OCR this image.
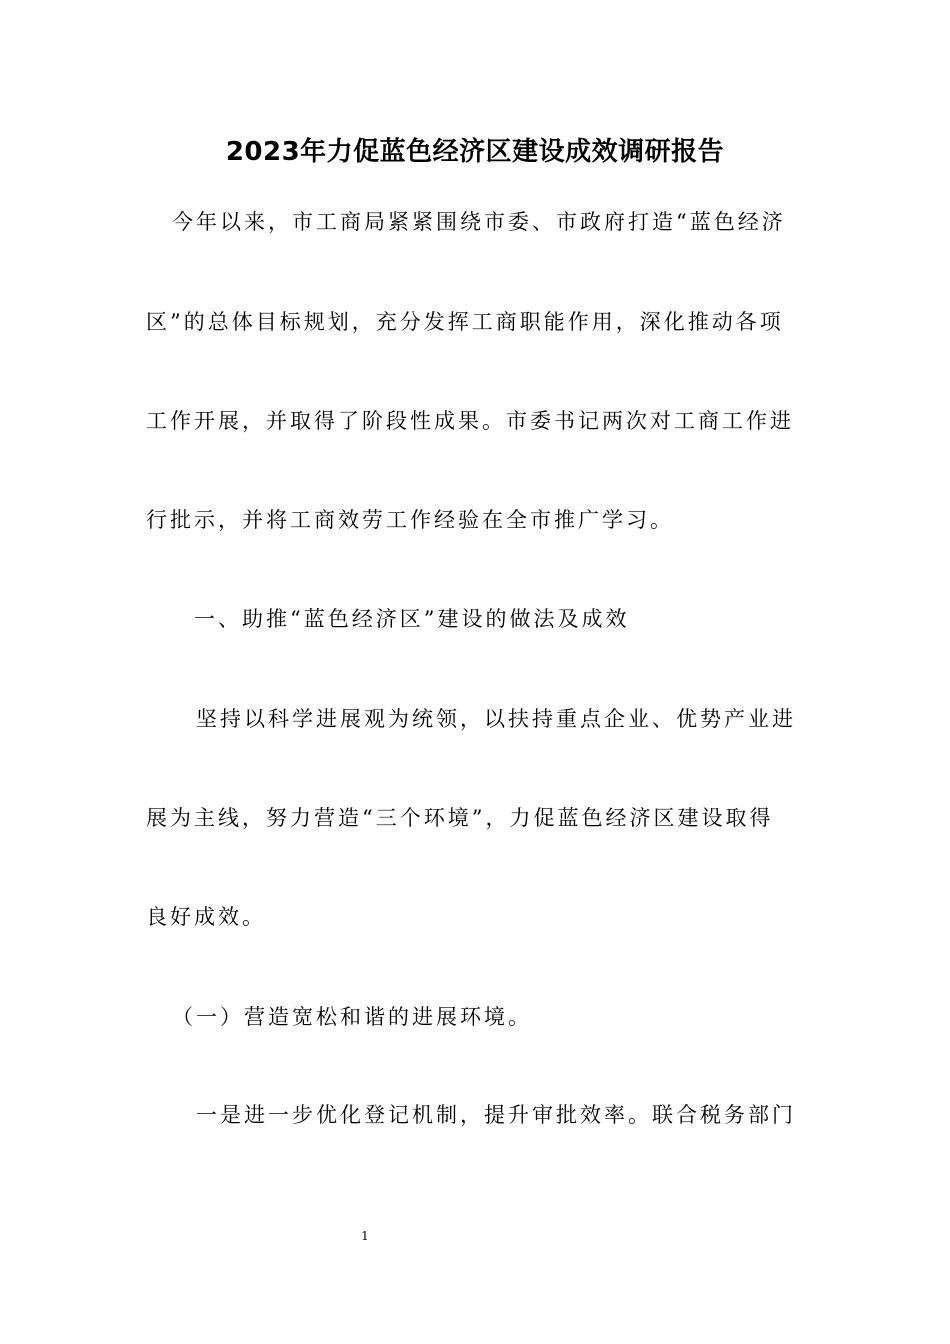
2023年力促蓝色经济区建设成效调研报告
今年以来，市工商局紧紧围绕市委、市政府打造“蓝色经济
区”的总体目标规划，充分发挥工商职能作用，深化推动各项
工作开展，并取得了阶段性成果。市委书记两次对工商工作进
行批示，并将工商效劳工作经验在全市推广学习。
一、助推“蓝色经济区”建设的做法及成效
坚持以科学进展观为统领，以扶持重点企业、优势产业进
展为主线，努力营造“三个环境”，力促蓝色经济区建设取得
良好成效。
（一）营造宽松和谐的进展环境。
一是进一步优化登记机制，提升审批效率。联合税务部门
1
